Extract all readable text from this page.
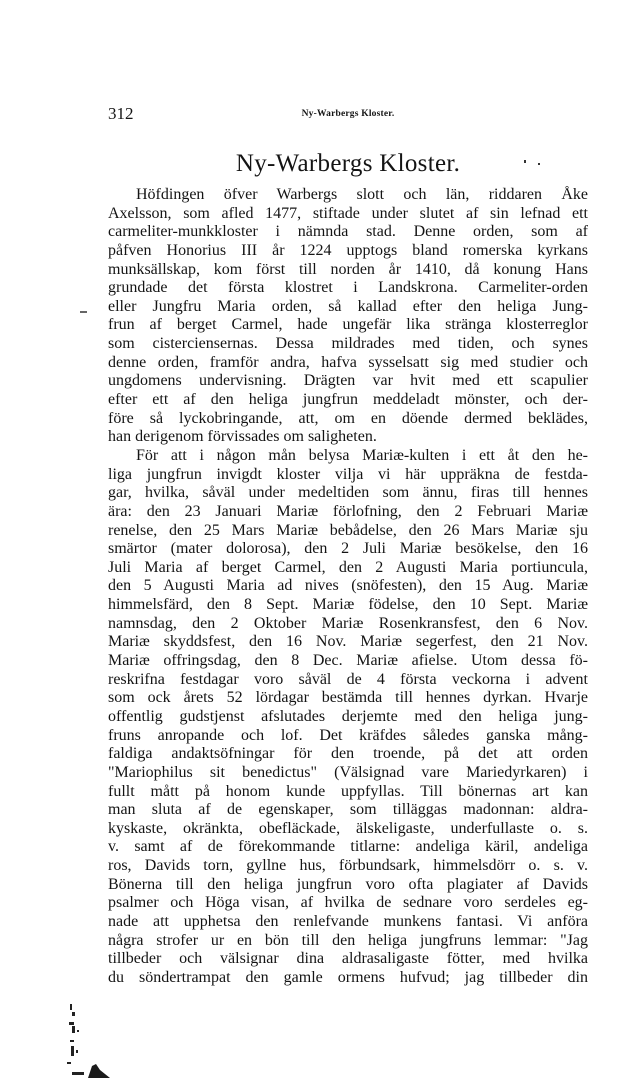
312	Ny-Warbergs Kloster.
Ny-Warbergs Kloster.
Höfdingen öfver Warbergs slott och län, riddaren Åke
Axelsson, som afled 1477, stiftade under slutet af sin lefnad ett
carmeliter-munkkloster i nämnda stad. Denne orden, som af
påfven Honorius III år 1224 upptogs bland romerska kyrkans
munksällskap, kom först till norden år 1410, då konung Hans
grundade det första klostret i Landskrona. Carmeliter-orden
eller Jungfru Maria orden, så kallad efter den heliga Jung-
frun af berget Carmel, hade ungefär lika stränga klosterreglor
som cisterciensernas. Dessa mildrades med tiden, och synes
denne orden, framför andra, hafva sysselsatt sig med studier och
ungdomens undervisning. Drägten var hvit med ett scapulier
efter ett af den heliga jungfrun meddeladt mönster, och der-
före så lyckobringande, att, om en döende dermed beklädes,
han derigenom förvissades om saligheten.
För att i någon mån belysa Mariæ-kulten i ett åt den he-
liga jungfrun invigdt kloster vilja vi här uppräkna de festda-
gar, hvilka, såväl under medeltiden som ännu, firas till hennes
ära: den 23 Januari Mariæ förlofning, den 2 Februari Mariæ
renelse, den 25 Mars Mariæ bebådelse, den 26 Mars Mariæ sju
smärtor (mater dolorosa), den 2 Juli Mariæ besökelse, den 16
Juli Maria af berget Carmel, den 2 Augusti Maria portiuncula,
den 5 Augusti Maria ad nives (snöfesten), den 15 Aug. Mariæ
himmelsfärd, den 8 Sept. Mariæ födelse, den 10 Sept. Mariæ
namnsdag, den 2 Oktober Mariæ Rosenkransfest, den 6 Nov.
Mariæ skyddsfest, den 16 Nov. Mariæ segerfest, den 21 Nov.
Mariæ offringsdag, den 8 Dec. Mariæ afielse. Utom dessa fö-
reskrifna festdagar voro såväl de 4 första veckorna i advent
som ock årets 52 lördagar bestämda till hennes dyrkan. Hvarje
offentlig gudstjenst afslutades derjemte med den heliga jung-
fruns anropande och lof. Det kräfdes således ganska mång-
faldiga andaktsöfningar för den troende, på det att orden
"Mariophilus sit benedictus" (Välsignad vare Mariedyrkaren) i
fullt mått på honom kunde uppfyllas. Till bönernas art kan
man sluta af de egenskaper, som tilläggas madonnan: aldra-
kyskaste, okränkta, obefläckade, älskeligaste, underfullaste o. s.
v. samt af de förekommande titlarne: andeliga käril, andeliga
ros, Davids torn, gyllne hus, förbundsark, himmelsdörr o. s. v.
Bönerna till den heliga jungfrun voro ofta plagiater af Davids
psalmer och Höga visan, af hvilka de sednare voro serdeles eg-
nade att upphetsa den renlefvande munkens fantasi. Vi anföra
några strofer ur en bön till den heliga jungfruns lemmar: "Jag
tillbeder och välsignar dina aldrasaligaste fötter, med hvilka
du söndertrampat den gamle ormens hufvud; jag tillbeder din
